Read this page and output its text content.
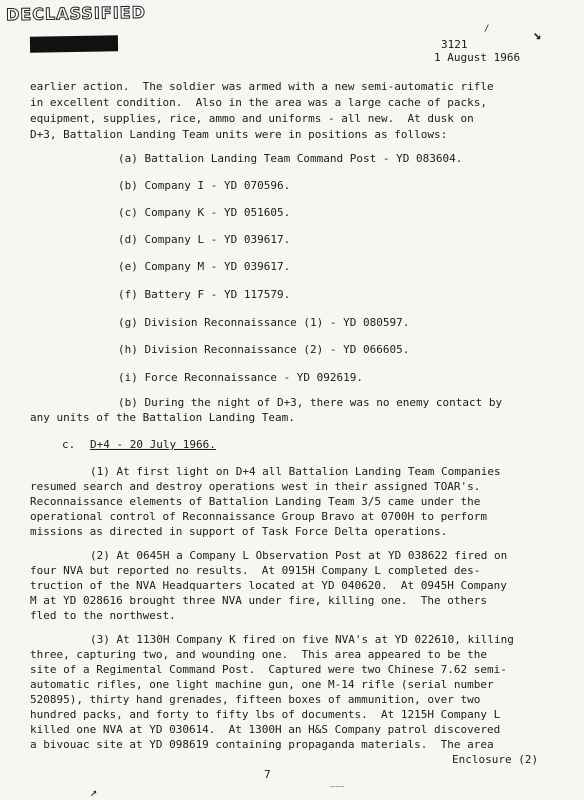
DECLASSIFIED
/	↘
3121
1 August 1966
earlier action.  The soldier was armed with a new semi-automatic rifle
in excellent condition.  Also in the area was a large cache of packs,
equipment, supplies, rice, ammo and uniforms - all new.  At dusk on
D+3, Battalion Landing Team units were in positions as follows:
(a) Battalion Landing Team Command Post - YD 083604.
(b) Company I - YD 070596.
(c) Company K - YD 051605.
(d) Company L - YD 039617.
(e) Company M - YD 039617.
(f) Battery F - YD 117579.
(g) Division Reconnaissance (1) - YD 080597.
(h) Division Reconnaissance (2) - YD 066605.
(i) Force Reconnaissance - YD 092619.
(b) During the night of D+3, there was no enemy contact by
any units of the Battalion Landing Team.
c. D+4 - 20 July 1966.
(1) At first light on D+4 all Battalion Landing Team Companies
resumed search and destroy operations west in their assigned TOAR's.
Reconnaissance elements of Battalion Landing Team 3/5 came under the
operational control of Reconnaissance Group Bravo at 0700H to perform
missions as directed in support of Task Force Delta operations.
(2) At 0645H a Company L Observation Post at YD 038622 fired on
four NVA but reported no results.  At 0915H Company L completed des-
truction of the NVA Headquarters located at YD 040620.  At 0945H Company
M at YD 028616 brought three NVA under fire, killing one.  The others
fled to the northwest.
(3) At 1130H Company K fired on five NVA's at YD 022610, killing
three, capturing two, and wounding one.  This area appeared to be the
site of a Regimental Command Post.  Captured were two Chinese 7.62 semi-
automatic rifles, one light machine gun, one M-14 rifle (serial number
520895), thirty hand grenades, fifteen boxes of ammunition, over two
hundred packs, and forty to fifty lbs of documents.  At 1215H Company L
killed one NVA at YD 030614.  At 1300H an H&S Company patrol discovered
a bivouac site at YD 098619 containing propaganda materials.  The area
Enclosure (2)
7
↗	~~~
